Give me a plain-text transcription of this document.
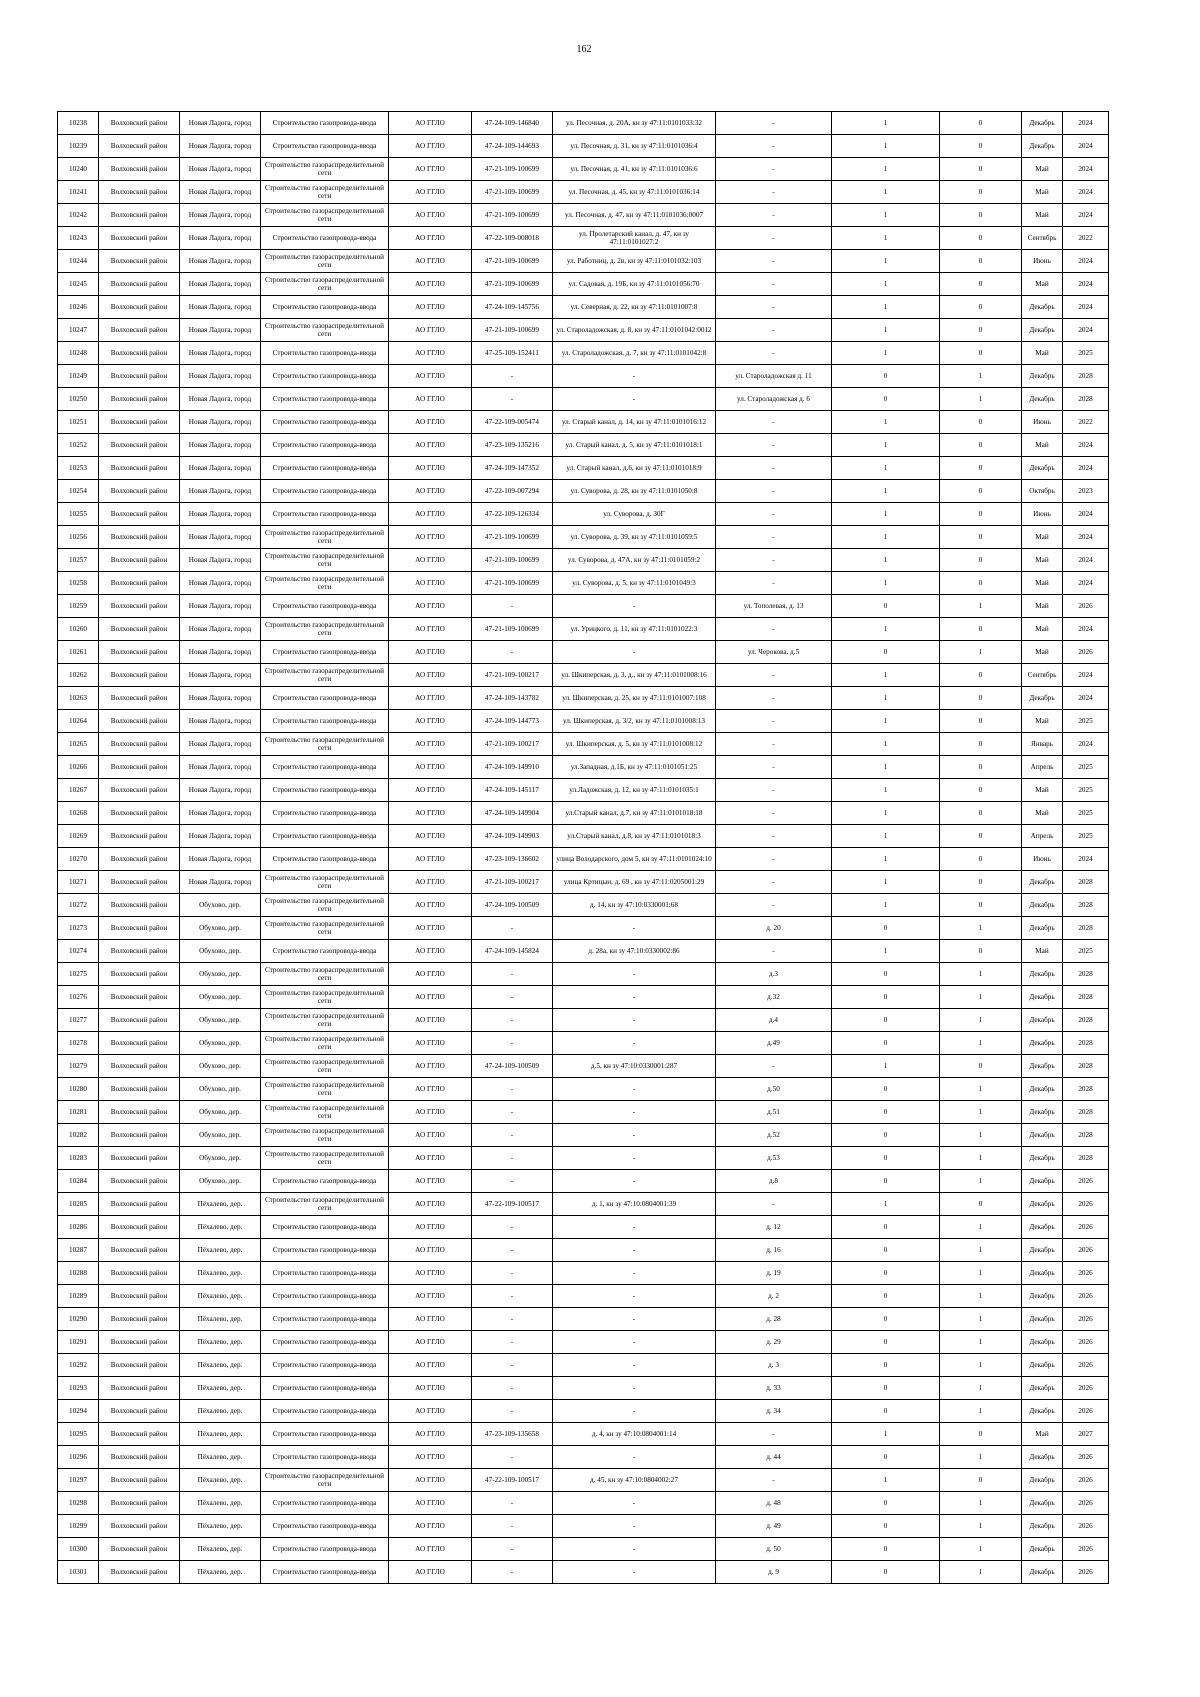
162
10238	Волховский район	Новая Ладога, город	Строительство газопровода-ввода	АО ГГЛО	47-24-109-146840	ул. Песочная, д. 20А, кн зу 47:11:0101033:32	-	1	0	Декабрь	2024
10239	Волховский район	Новая Ладога, город	Строительство газопровода-ввода	АО ГГЛО	47-24-109-144693	ул. Песочная, д. 31, кн зу 47:11:0101036:4	-	1	0	Декабрь	2024
10240	Волховский район	Новая Ладога, город	Строительство газораспределительной сети	АО ГГЛО	47-21-109-100699	ул. Песочная, д. 41, кн зу 47:11:0101036:6	-	1	0	Май	2024
10241	Волховский район	Новая Ладога, город	Строительство газораспределительной сети	АО ГГЛО	47-21-109-100699	ул. Песочная, д. 45, кн зу 47:11:0101036:14	-	1	0	Май	2024
10242	Волховский район	Новая Ладога, город	Строительство газораспределительной сети	АО ГГЛО	47-21-109-100699	ул. Песочная, д. 47, кн зу 47:11:0101036:0007	-	1	0	Май	2024
10243	Волховский район	Новая Ладога, город	Строительство газопровода-ввода	АО ГГЛО	47-22-109-008018	ул. Пролетарский канал, д. 47, кн зу 47:11:0101027:2	-	1	0	Сентябрь	2022
10244	Волховский район	Новая Ладога, город	Строительство газораспределительной сети	АО ГГЛО	47-21-109-100699	ул. Работниц, д. 2в, кн зу 47:11:0101032:103	-	1	0	Июнь	2024
10245	Волховский район	Новая Ладога, город	Строительство газораспределительной сети	АО ГГЛО	47-21-109-100699	ул. Садовая, д. 19Б, кн зу 47:11:0101056:70	-	1	0	Май	2024
10246	Волховский район	Новая Ладога, город	Строительство газопровода-ввода	АО ГГЛО	47-24-109-145756	ул. Северная, д. 22, кн зу 47:11:0101007:8	-	1	0	Декабрь	2024
10247	Волховский район	Новая Ладога, город	Строительство газораспределительной сети	АО ГГЛО	47-21-109-100699	ул. Староладожская, д. 8, кн зу 47:11:0101042:0012	-	1	0	Декабрь	2024
10248	Волховский район	Новая Ладога, город	Строительство газопровода-ввода	АО ГГЛО	47-25-109-152411	ул. Староладожская, д. 7, кн зу 47:11:0101042:8	-	1	0	Май	2025
10249	Волховский район	Новая Ладога, город	Строительство газопровода-ввода	АО ГГЛО	-	-	ул. Староладожская д. 11	0	1	Декабрь	2028
10250	Волховский район	Новая Ладога, город	Строительство газопровода-ввода	АО ГГЛО	-	-	ул. Староладожская д. 6	0	1	Декабрь	2028
10251	Волховский район	Новая Ладога, город	Строительство газопровода-ввода	АО ГГЛО	47-22-109-005474	ул. Старый канал, д. 14, кн зу 47:11:0101016:12	-	1	0	Июнь	2022
10252	Волховский район	Новая Ладога, город	Строительство газопровода-ввода	АО ГГЛО	47-23-109-135216	ул. Старый канал, д. 5, кн зу 47:11:0101018:1	-	1	0	Май	2024
10253	Волховский район	Новая Ладога, город	Строительство газопровода-ввода	АО ГГЛО	47-24-109-147352	ул. Старый канал, д.6, кн зу 47:11:0101018:9	-	1	0	Декабрь	2024
10254	Волховский район	Новая Ладога, город	Строительство газопровода-ввода	АО ГГЛО	47-22-109-007294	ул. Суворова, д. 28, кн зу 47:11:0101050:8	-	1	0	Октябрь	2023
10255	Волховский район	Новая Ладога, город	Строительство газопровода-ввода	АО ГГЛО	47-22-109-126334	ул. Суворова, д. 30Г	-	1	0	Июнь	2024
10256	Волховский район	Новая Ладога, город	Строительство газораспределительной сети	АО ГГЛО	47-21-109-100699	ул. Суворова, д. 39, кн зу 47:11:0101059:5	-	1	0	Май	2024
10257	Волховский район	Новая Ладога, город	Строительство газораспределительной сети	АО ГГЛО	47-21-109-100699	ул. Суворова, д. 47А, кн зу 47:11:0101059:2	-	1	0	Май	2024
10258	Волховский район	Новая Ладога, город	Строительство газораспределительной сети	АО ГГЛО	47-21-109-100699	ул. Суворова, д. 5, кн зу 47:11:0101049:3	-	1	0	Май	2024
10259	Волховский район	Новая Ладога, город	Строительство газопровода-ввода	АО ГГЛО	-	-	ул. Тополевая, д. 13	0	1	Май	2026
10260	Волховский район	Новая Ладога, город	Строительство газораспределительной сети	АО ГГЛО	47-21-109-100699	ул. Урицкого, д. 11, кн зу 47:11:0101022:3	-	1	0	Май	2024
10261	Волховский район	Новая Ладога, город	Строительство газопровода-ввода	АО ГГЛО	-	-	ул. Черокова, д.5	0	1	Май	2026
10262	Волховский район	Новая Ладога, город	Строительство газораспределительной сети	АО ГГЛО	47-21-109-100217	ул. Шкиперская, д. 3, д., кн зу 47:11:0101008:16	-	1	0	Сентябрь	2024
10263	Волховский район	Новая Ладога, город	Строительство газопровода-ввода	АО ГГЛО	47-24-109-143782	ул. Шкиперская, д. 25, кн зу 47:11:0101007:108	-	1	0	Декабрь	2024
10264	Волховский район	Новая Ладога, город	Строительство газопровода-ввода	АО ГГЛО	47-24-109-144773	ул. Шкиперская, д. 3/2, кн зу 47:11:0101008:13	-	1	0	Май	2025
10265	Волховский район	Новая Ладога, город	Строительство газораспределительной сети	АО ГГЛО	47-21-109-100217	ул. Шкиперская, д. 5, кн зу 47:11:0101008:12	-	1	0	Январь	2024
10266	Волховский район	Новая Ладога, город	Строительство газопровода-ввода	АО ГГЛО	47-24-109-149910	ул.Западная, д.1Б, кн зу 47:11:0101051:25	-	1	0	Апрель	2025
10267	Волховский район	Новая Ладога, город	Строительство газопровода-ввода	АО ГГЛО	47-24-109-145117	ул.Ладожская, д. 12, кн зу 47:11:0101035:1	-	1	0	Май	2025
10268	Волховский район	Новая Ладога, город	Строительство газопровода-ввода	АО ГГЛО	47-24-109-149904	ул.Старый канал, д.7, кн зу 47:11:0101018:18	-	1	0	Май	2025
10269	Волховский район	Новая Ладога, город	Строительство газопровода-ввода	АО ГГЛО	47-24-109-149903	ул.Старый канал, д.8, кн зу 47:11:0101018:3	-	1	0	Апрель	2025
10270	Волховский район	Новая Ладога, город	Строительство газопровода-ввода	АО ГГЛО	47-23-109-136602	улица Володарского, дом 5, кн зу 47:11:0101024:10	-	1	0	Июнь	2024
10271	Волховский район	Новая Ладога, город	Строительство газораспределительной сети	АО ГГЛО	47-21-109-100217	улица Кртицын, д. 69 , кн зу 47:11:0205001:29	-	1	0	Декабрь	2028
10272	Волховский район	Обухово, дер.	Строительство газораспределительной сети	АО ГГЛО	47-24-109-100509	д. 14, кн зу 47:10:0330001:68	-	1	0	Декабрь	2028
10273	Волховский район	Обухово, дер.	Строительство газораспределительной сети	АО ГГЛО	-	-	д. 20	0	1	Декабрь	2028
10274	Волховский район	Обухово, дер.	Строительство газопровода-ввода	АО ГГЛО	47-24-109-145824	д. 28а, кн зу 47:10:0330002:86	-	1	0	Май	2025
10275	Волховский район	Обухово, дер.	Строительство газораспределительной сети	АО ГГЛО	-	-	д.3	0	1	Декабрь	2028
10276	Волховский район	Обухово, дер.	Строительство газораспределительной сети	АО ГГЛО	-	-	д.32	0	1	Декабрь	2028
10277	Волховский район	Обухово, дер.	Строительство газораспределительной сети	АО ГГЛО	-	-	д.4	0	1	Декабрь	2028
10278	Волховский район	Обухово, дер.	Строительство газораспределительной сети	АО ГГЛО	-	-	д.49	0	1	Декабрь	2028
10279	Волховский район	Обухово, дер.	Строительство газораспределительной сети	АО ГГЛО	47-24-109-100509	д.5, кн зу 47:10:0330001:287	-	1	0	Декабрь	2028
10280	Волховский район	Обухово, дер.	Строительство газораспределительной сети	АО ГГЛО	-	-	д.50	0	1	Декабрь	2028
10281	Волховский район	Обухово, дер.	Строительство газораспределительной сети	АО ГГЛО	-	-	д.51	0	1	Декабрь	2028
10282	Волховский район	Обухово, дер.	Строительство газораспределительной сети	АО ГГЛО	-	-	д.52	0	1	Декабрь	2028
10283	Волховский район	Обухово, дер.	Строительство газораспределительной сети	АО ГГЛО	-	-	д.53	0	1	Декабрь	2028
10284	Волховский район	Обухово, дер.	Строительство газопровода-ввода	АО ГГЛО	-	-	д.8	0	1	Декабрь	2026
10285	Волховский район	Пёхалево, дер.	Строительство газораспределительной сети	АО ГГЛО	47-22-109-100517	д. 1, кн зу 47:10:0804001:39	-	1	0	Декабрь	2026
10286	Волховский район	Пёхалево, дер.	Строительство газопровода-ввода	АО ГГЛО	-	-	д. 12	0	1	Декабрь	2026
10287	Волховский район	Пёхалево, дер.	Строительство газопровода-ввода	АО ГГЛО	-	-	д. 16	0	1	Декабрь	2026
10288	Волховский район	Пёхалево, дер.	Строительство газопровода-ввода	АО ГГЛО	-	-	д. 19	0	1	Декабрь	2026
10289	Волховский район	Пёхалево, дер.	Строительство газопровода-ввода	АО ГГЛО	-	-	д. 2	0	1	Декабрь	2026
10290	Волховский район	Пёхалево, дер.	Строительство газопровода-ввода	АО ГГЛО	-	-	д. 28	0	1	Декабрь	2026
10291	Волховский район	Пёхалево, дер.	Строительство газопровода-ввода	АО ГГЛО	-	-	д. 29	0	1	Декабрь	2026
10292	Волховский район	Пёхалево, дер.	Строительство газопровода-ввода	АО ГГЛО	-	-	д. 3	0	1	Декабрь	2026
10293	Волховский район	Пёхалево, дер.	Строительство газопровода-ввода	АО ГГЛО	-	-	д. 33	0	1	Декабрь	2026
10294	Волховский район	Пёхалево, дер.	Строительство газопровода-ввода	АО ГГЛО	-	-	д. 34	0	1	Декабрь	2026
10295	Волховский район	Пёхалево, дер.	Строительство газопровода-ввода	АО ГГЛО	47-23-109-135658	д. 4, кн зу 47:10:0804001:14	-	1	0	Май	2027
10296	Волховский район	Пёхалево, дер.	Строительство газопровода-ввода	АО ГГЛО	-	-	д. 44	0	1	Декабрь	2026
10297	Волховский район	Пёхалево, дер.	Строительство газораспределительной сети	АО ГГЛО	47-22-109-100517	д. 45, кн зу 47:10:0804002:27	-	1	0	Декабрь	2026
10298	Волховский район	Пёхалево, дер.	Строительство газопровода-ввода	АО ГГЛО	-	-	д. 48	0	1	Декабрь	2026
10299	Волховский район	Пёхалево, дер.	Строительство газопровода-ввода	АО ГГЛО	-	-	д. 49	0	1	Декабрь	2026
10300	Волховский район	Пёхалево, дер.	Строительство газопровода-ввода	АО ГГЛО	-	-	д. 50	0	1	Декабрь	2026
10301	Волховский район	Пёхалево, дер.	Строительство газопровода-ввода	АО ГГЛО	-	-	д. 9	0	1	Декабрь	2026
